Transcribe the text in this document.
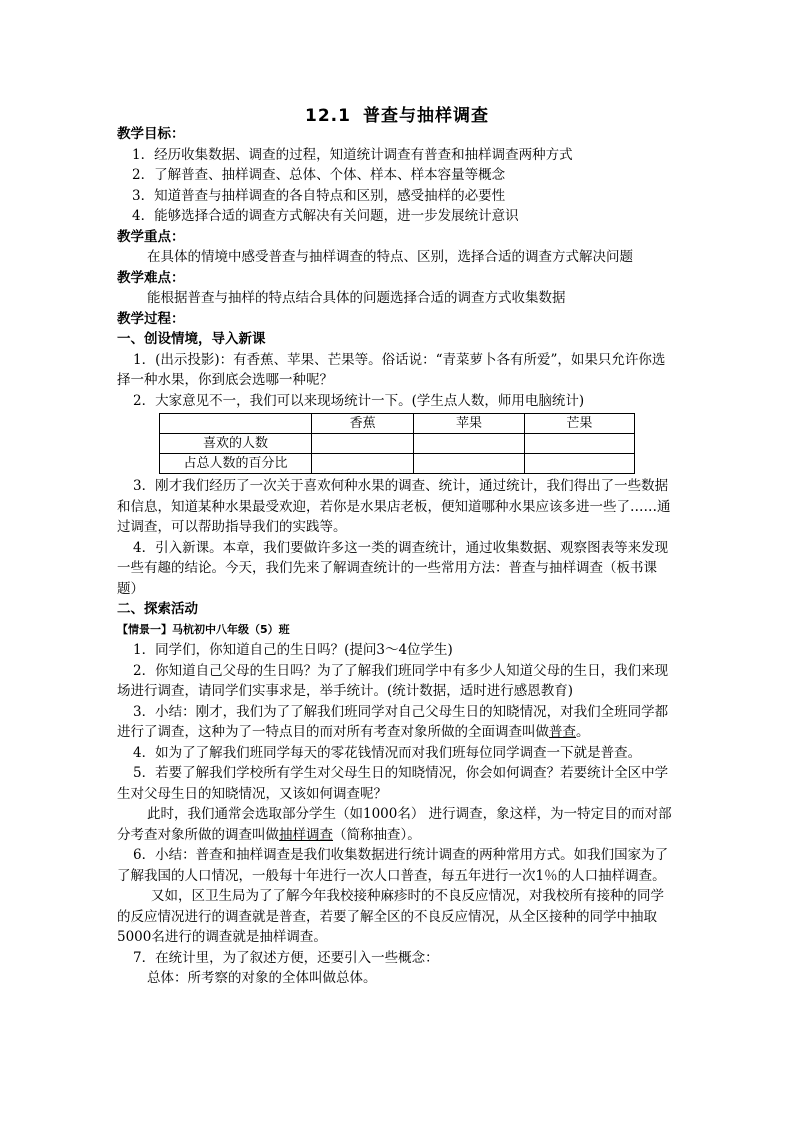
12.1 普查与抽样调查

教学目标：

1．经历收集数据、调查的过程，知道统计调查有普查和抽样调查两种方式

2．了解普查、抽样调查、总体、个体、样本、样本容量等概念

3．知道普查与抽样调查的各自特点和区别，感受抽样的必要性

4．能够选择合适的调查方式解决有关问题，进一步发展统计意识

教学重点：

在具体的情境中感受普查与抽样调查的特点、区别，选择合适的调查方式解决问题

教学难点：

能根据普查与抽样的特点结合具体的问题选择合适的调查方式收集数据

教学过程：

一、创设情境，导入新课

1．(出示投影)：有香蕉、苹果、芒果等。俗话说：“青菜萝卜各有所爱”，如果只允许你选择一种水果，你到底会选哪一种呢？

2．大家意见不一，我们可以来现场统计一下。(学生点人数，师用电脑统计)

	香蕉	苹果	芒果
喜欢的人数			
占总人数的百分比			

3．刚才我们经历了一次关于喜欢何种水果的调查、统计，通过统计，我们得出了一些数据和信息，知道某种水果最受欢迎，若你是水果店老板，便知道哪种水果应该多进一些了……通过调查，可以帮助指导我们的实践等。

4．引入新课。本章，我们要做许多这一类的调查统计，通过收集数据、观察图表等来发现一些有趣的结论。今天，我们先来了解调查统计的一些常用方法：普查与抽样调查（板书课题）

二、探索活动

【情景一】马杭初中八年级（5）班

1．同学们，你知道自己的生日吗？(提问3～4位学生)

2．你知道自己父母的生日吗？为了了解我们班同学中有多少人知道父母的生日，我们来现场进行调查，请同学们实事求是，举手统计。(统计数据，适时进行感恩教育)

3．小结：刚才，我们为了了解我们班同学对自己父母生日的知晓情况，对我们全班同学都进行了调查，这种为了一特点目的而对所有考查对象所做的全面调查叫做普查。

4．如为了了解我们班同学每天的零花钱情况而对我们班每位同学调查一下就是普查。

5．若要了解我们学校所有学生对父母生日的知晓情况，你会如何调查？若要统计全区中学生对父母生日的知晓情况，又该如何调查呢？

此时，我们通常会选取部分学生（如1000名） 进行调查，象这样，为一特定目的而对部分考查对象所做的调查叫做抽样调查（简称抽查）。

6．小结：普查和抽样调查是我们收集数据进行统计调查的两种常用方式。如我们国家为了了解我国的人口情况，一般每十年进行一次人口普查，每五年进行一次1％的人口抽样调查。

又如，区卫生局为了了解今年我校接种麻疹时的不良反应情况，对我校所有接种的同学的反应情况进行的调查就是普查，若要了解全区的不良反应情况，从全区接种的同学中抽取5000名进行的调查就是抽样调查。

7．在统计里，为了叙述方便，还要引入一些概念：

总体：所考察的对象的全体叫做总体。
